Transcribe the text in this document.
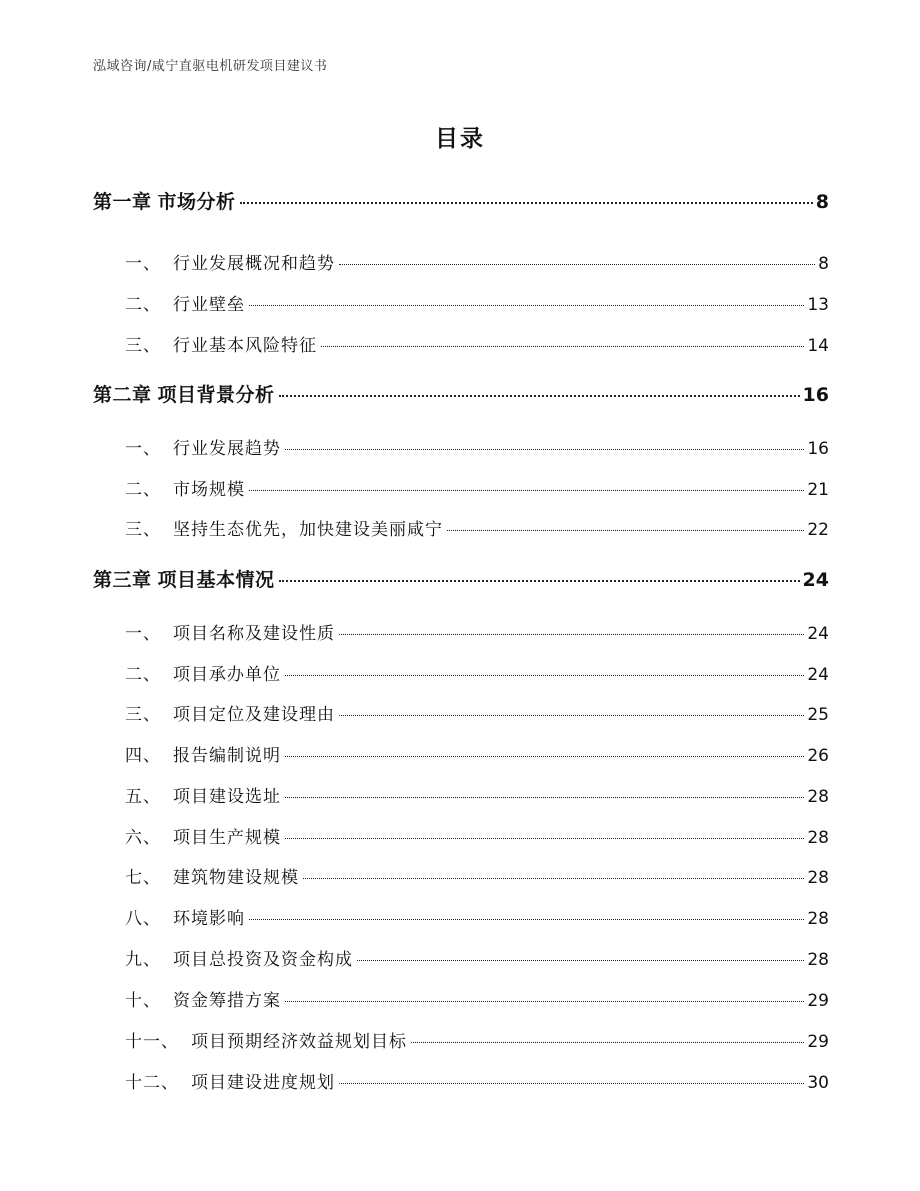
泓域咨询/咸宁直驱电机研发项目建议书
目录
第一章 市场分析	8
一、 行业发展概况和趋势	8
二、 行业壁垒	13
三、 行业基本风险特征	14
第二章 项目背景分析	16
一、 行业发展趋势	16
二、 市场规模	21
三、 坚持生态优先，加快建设美丽咸宁	22
第三章 项目基本情况	24
一、 项目名称及建设性质	24
二、 项目承办单位	24
三、 项目定位及建设理由	25
四、 报告编制说明	26
五、 项目建设选址	28
六、 项目生产规模	28
七、 建筑物建设规模	28
八、 环境影响	28
九、 项目总投资及资金构成	28
十、 资金筹措方案	29
十一、 项目预期经济效益规划目标	29
十二、 项目建设进度规划	30
